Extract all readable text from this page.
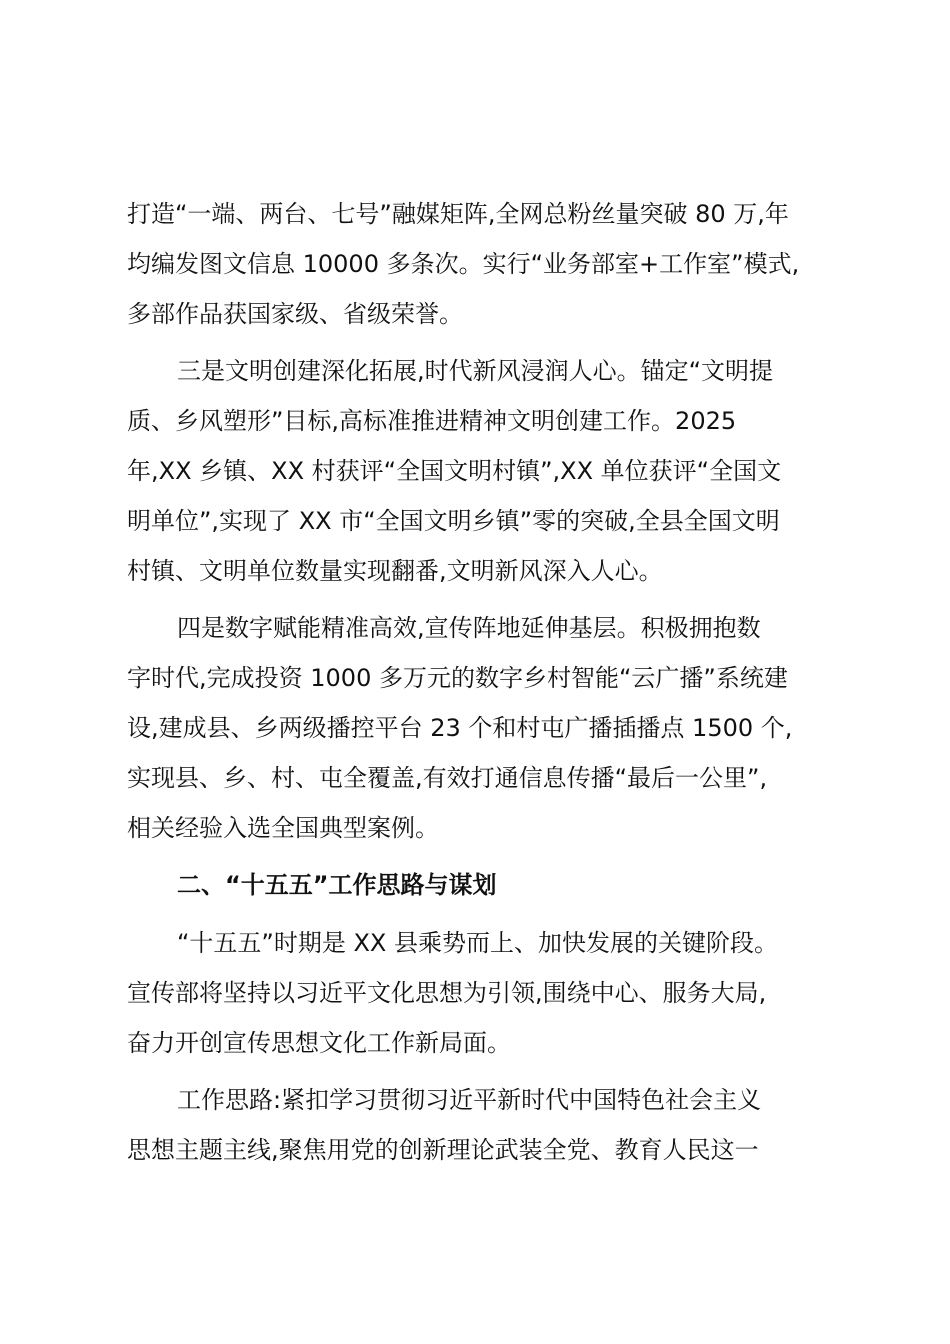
打造“一端、两台、七号”融媒矩阵,全网总粉丝量突破 80 万,年
均编发图文信息 10000 多条次。实行“业务部室+工作室”模式,
多部作品获国家级、省级荣誉。
三是文明创建深化拓展,时代新风浸润人心。锚定“文明提
质、乡风塑形”目标,高标准推进精神文明创建工作。2025
年,XX 乡镇、XX 村获评“全国文明村镇”,XX 单位获评“全国文
明单位”,实现了 XX 市“全国文明乡镇”零的突破,全县全国文明
村镇、文明单位数量实现翻番,文明新风深入人心。
四是数字赋能精准高效,宣传阵地延伸基层。积极拥抱数
字时代,完成投资 1000 多万元的数字乡村智能“云广播”系统建
设,建成县、乡两级播控平台 23 个和村屯广播插播点 1500 个,
实现县、乡、村、屯全覆盖,有效打通信息传播“最后一公里”,
相关经验入选全国典型案例。
二、“十五五”工作思路与谋划
“十五五”时期是 XX 县乘势而上、加快发展的关键阶段。
宣传部将坚持以习近平文化思想为引领,围绕中心、服务大局,
奋力开创宣传思想文化工作新局面。
工作思路:紧扣学习贯彻习近平新时代中国特色社会主义
思想主题主线,聚焦用党的创新理论武装全党、教育人民这一
